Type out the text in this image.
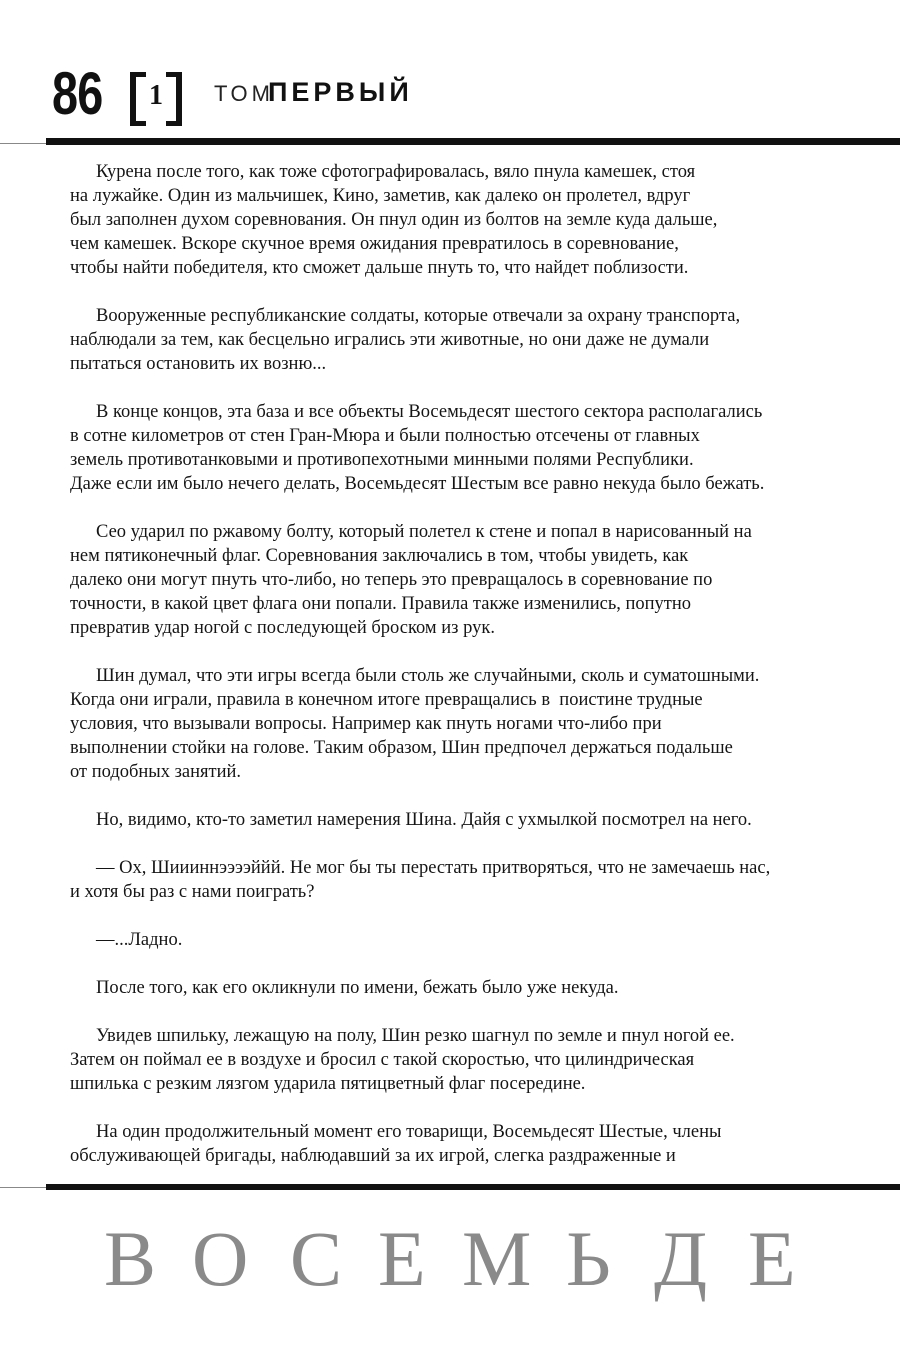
86	1	ТОМ
ПЕРВЫЙ

Курена после того, как тоже сфотографировалась, вяло пнула камешек, стоя
на лужайке. Один из мальчишек, Кино, заметив, как далеко он пролетел, вдруг
был заполнен духом соревнования. Он пнул один из болтов на земле куда дальше,
чем камешек. Вскоре скучное время ожидания превратилось в соревнование,
чтобы найти победителя, кто сможет дальше пнуть то, что найдет поблизости.

Вооруженные республиканские солдаты, которые отвечали за охрану транспорта,
наблюдали за тем, как бесцельно игрались эти животные, но они даже не думали
пытаться остановить их возню...

В конце концов, эта база и все объекты Восемьдесят шестого сектора располагались
в сотне километров от стен Гран-Мюра и были полностью отсечены от главных
земель противотанковыми и противопехотными минными полями Республики.
Даже если им было нечего делать, Восемьдесят Шестым все равно некуда было бежать.

Сео ударил по ржавому болту, который полетел к стене и попал в нарисованный на
нем пятиконечный флаг. Соревнования заключались в том, чтобы увидеть, как
далеко они могут пнуть что-либо, но теперь это превращалось в соревнование по
точности, в какой цвет флага они попали. Правила также изменились, попутно
превратив удар ногой с последующей броском из рук.

Шин думал, что эти игры всегда были столь же случайными, сколь и суматошными.
Когда они играли, правила в конечном итоге превращались в  поистине трудные
условия, что вызывали вопросы. Например как пнуть ногами что-либо при
выполнении стойки на голове. Таким образом, Шин предпочел держаться подальше
от подобных занятий.

Но, видимо, кто-то заметил намерения Шина. Дайя с ухмылкой посмотрел на него.

— Ох, Шиииннээээййй. Не мог бы ты перестать притворяться, что не замечаешь нас,
и хотя бы раз с нами поиграть?

—...Ладно.

После того, как его окликнули по имени, бежать было уже некуда.

Увидев шпильку, лежащую на полу, Шин резко шагнул по земле и пнул ногой ее.
Затем он поймал ее в воздухе и бросил с такой скоростью, что цилиндрическая
шпилька с резким лязгом ударила пятицветный флаг посередине.

На один продолжительный момент его товарищи, Восемьдесят Шестые, члены
обслуживающей бригады, наблюдавший за их игрой, слегка раздраженные и

В О С Е М Ь Д Е
